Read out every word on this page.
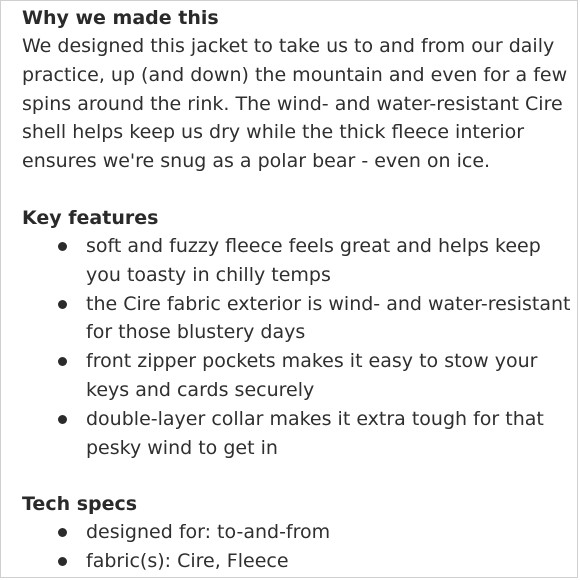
Why we made this

We designed this jacket to take us to and from our daily practice, up (and down) the mountain and even for a few spins around the rink. The wind- and water-resistant Cire shell helps keep us dry while the thick fleece interior ensures we're snug as a polar bear - even on ice.

Key features
soft and fuzzy fleece feels great and helps keep you toasty in chilly temps
the Cire fabric exterior is wind- and water-resistant for those blustery days
front zipper pockets makes it easy to stow your keys and cards securely
double-layer collar makes it extra tough for that pesky wind to get in
Tech specs
designed for: to-and-from
fabric(s): Cire, Fleece
